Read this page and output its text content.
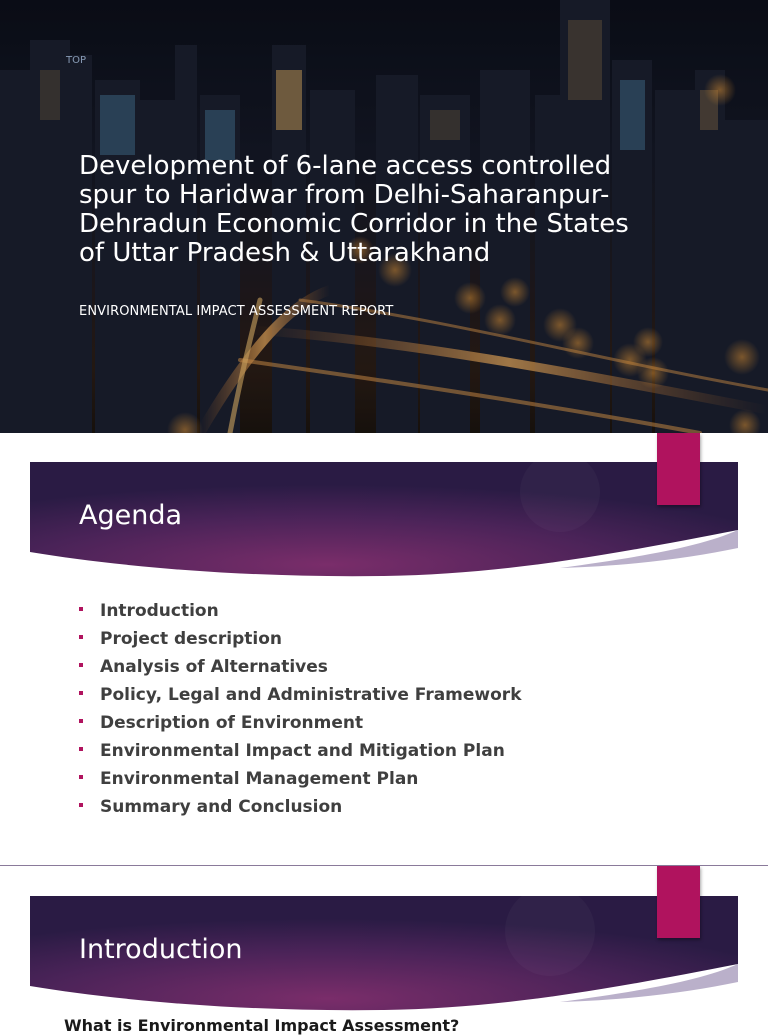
TOP
Development of 6-lane access controlled spur to Haridwar from Delhi-Saharanpur-Dehradun Economic Corridor in the States of Uttar Pradesh & Uttarakhand
ENVIRONMENTAL IMPACT ASSESSMENT REPORT
Agenda
Introduction
Project description
Analysis of Alternatives
Policy, Legal and Administrative Framework
Description of Environment
Environmental Impact and Mitigation Plan
Environmental Management Plan
Summary and Conclusion
Introduction
What is Environmental Impact Assessment?
